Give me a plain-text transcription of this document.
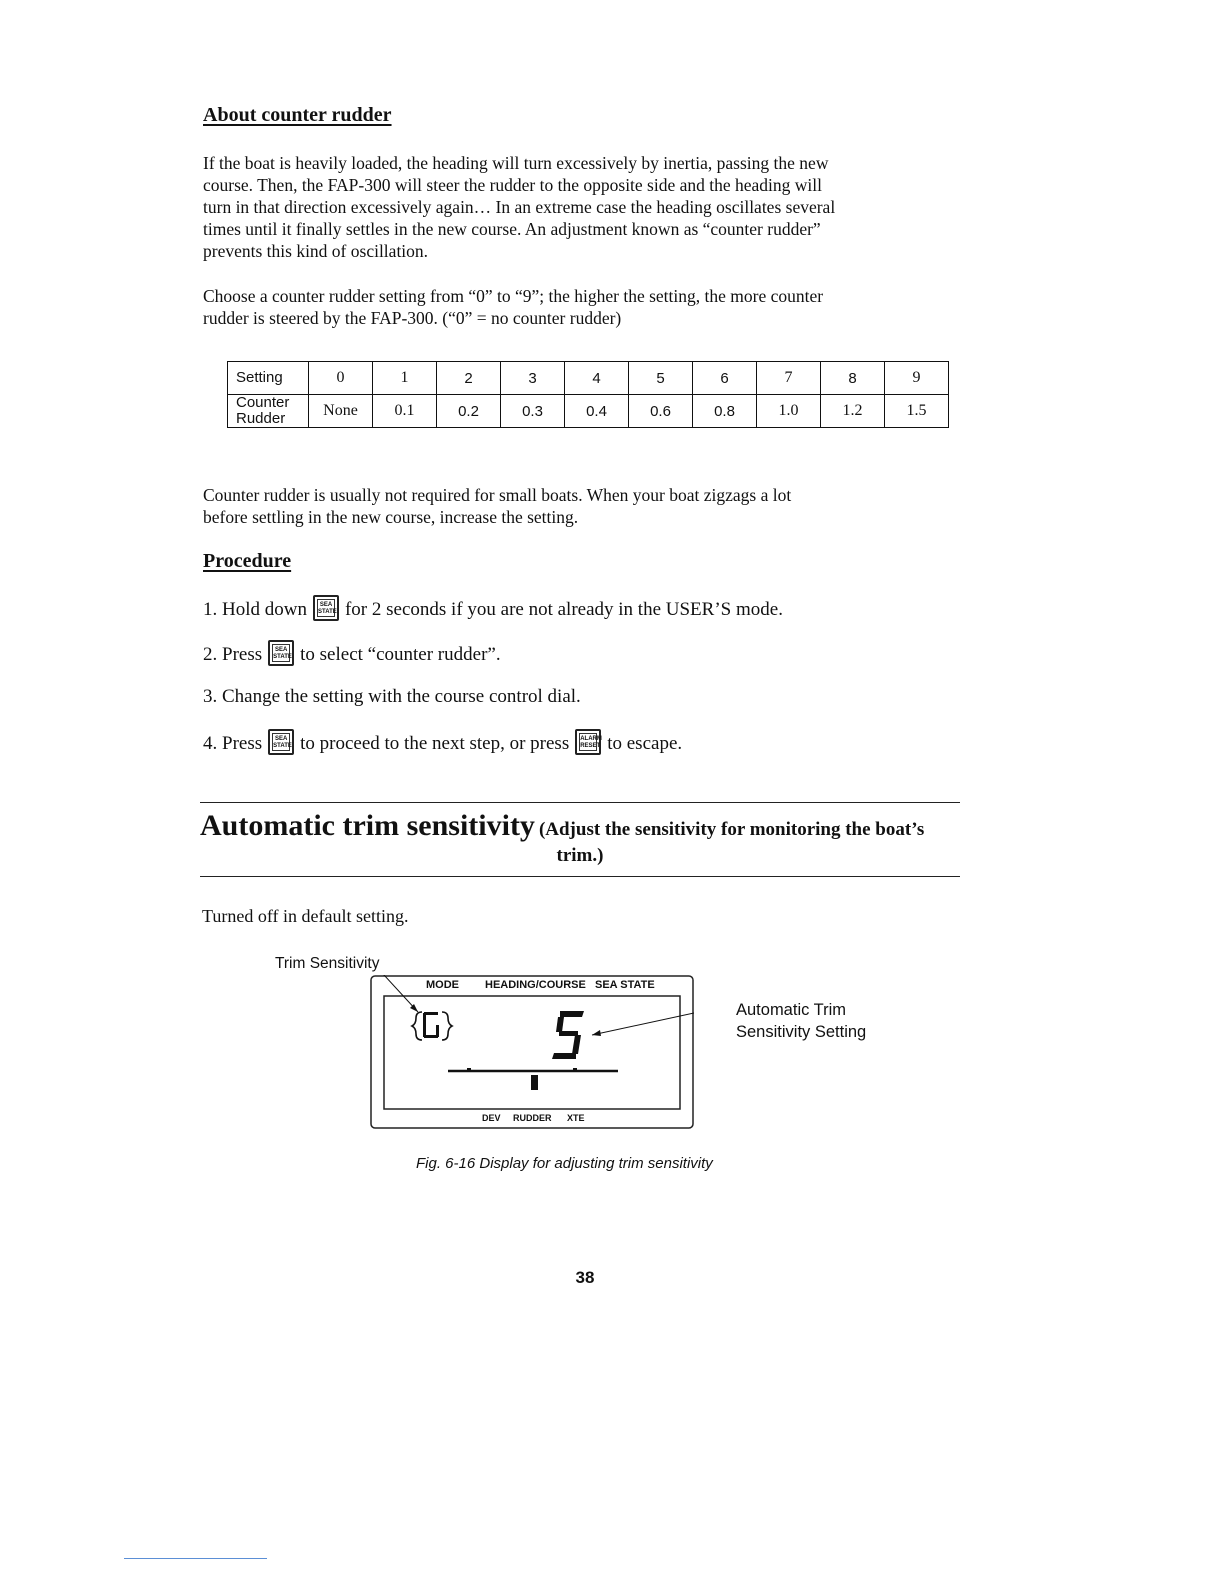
About counter rudder
If the boat is heavily loaded, the heading will turn excessively by inertia, passing the new
course. Then, the FAP-300 will steer the rudder to the opposite side and the heading will
turn in that direction excessively again… In an extreme case the heading oscillates several
times until it finally settles in the new course. An adjustment known as “counter rudder”
prevents this kind of oscillation.
Choose a counter rudder setting from “0” to “9”; the higher the setting, the more counter
rudder is steered by the FAP-300. (“0” = no counter rudder)
Setting	0	1	2	3	4	5	6	7	8	9
Counter
Rudder	None	0.1	0.2	0.3	0.4	0.6	0.8	1.0	1.2	1.5
Counter rudder is usually not required for small boats. When your boat zigzags a lot
before settling in the new course, increase the setting.
Procedure
1. Hold down	SEA
STATE for 2 seconds if you are not already in the USER’S mode.
2. Press	SEA
STATE to select “counter rudder”.
3. Change the setting with the course control dial.
4. Press	SEA
STATE to proceed to the next step, or press ALARM
RESET to escape.
Automatic trim sensitivity (Adjust the sensitivity for monitoring the boat’s
trim.)
Turned off in default setting.
Trim Sensitivity
Automatic Trim
Sensitivity Setting
MODE HEADING/COURSE SEA STATE
DEV RUDDER XTE
Fig. 6-16 Display for adjusting trim sensitivity
38
